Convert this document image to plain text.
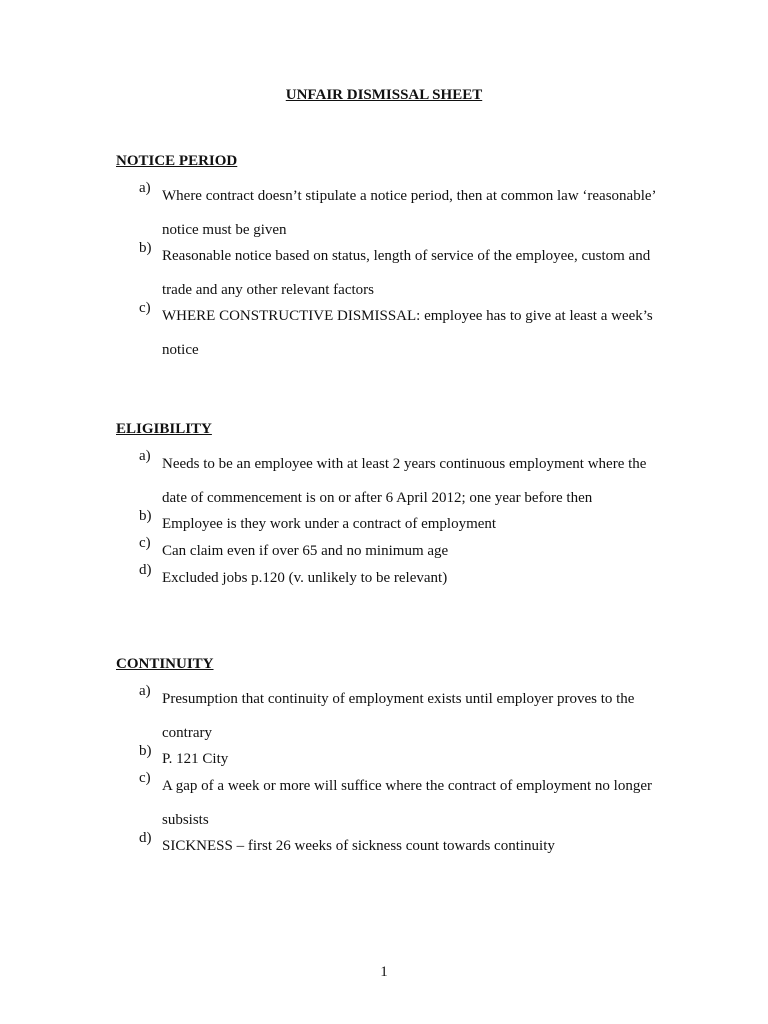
UNFAIR DISMISSAL SHEET
NOTICE PERIOD
a) Where contract doesn’t stipulate a notice period, then at common law ‘reasonable’ notice must be given
b) Reasonable notice based on status, length of service of the employee, custom and trade and any other relevant factors
c) WHERE CONSTRUCTIVE DISMISSAL: employee has to give at least a week’s notice
ELIGIBILITY
a) Needs to be an employee with at least 2 years continuous employment where the date of commencement is on or after 6 April 2012; one year before then
b) Employee is they work under a contract of employment
c) Can claim even if over 65 and no minimum age
d) Excluded jobs p.120 (v. unlikely to be relevant)
CONTINUITY
a) Presumption that continuity of employment exists until employer proves to the contrary
b) P. 121 City
c) A gap of a week or more will suffice where the contract of employment no longer subsists
d) SICKNESS – first 26 weeks of sickness count towards continuity
1
